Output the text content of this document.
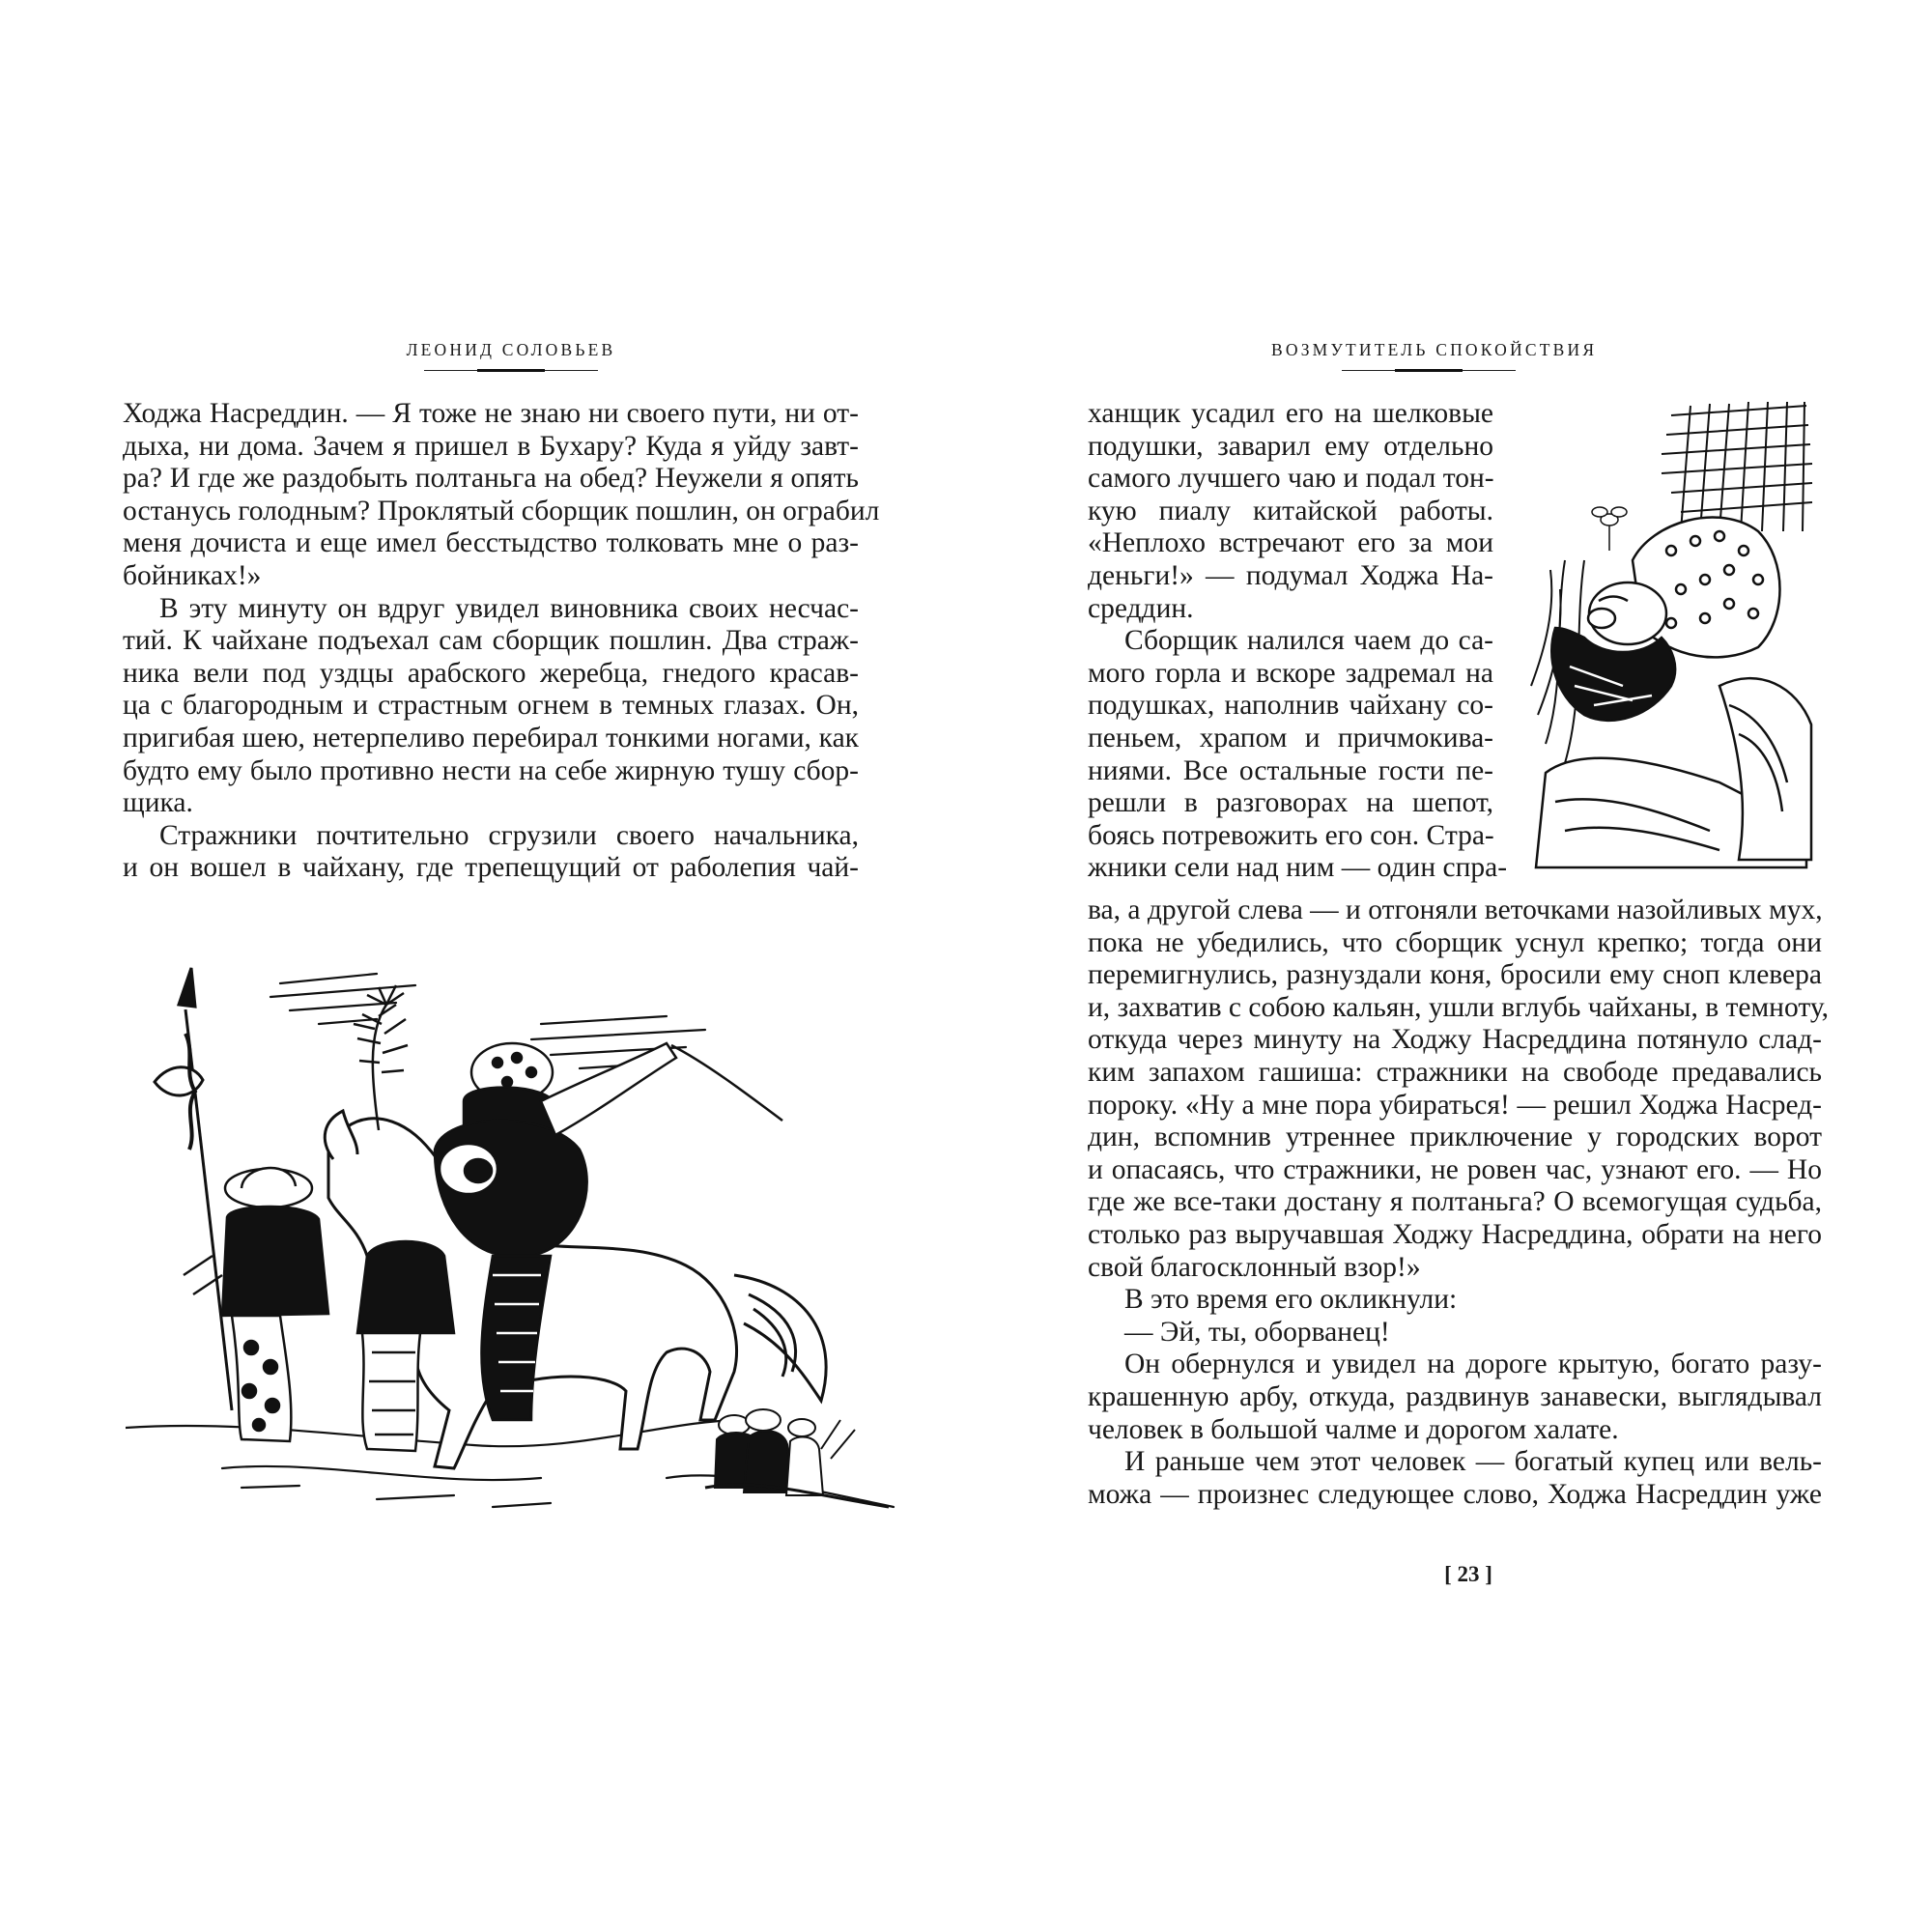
ЛЕОНИД СОЛОВЬЕВ
Ходжа Насреддин. — Я тоже не знаю ни своего пути, ни от-
дыха, ни дома. Зачем я пришел в Бухару? Куда я уйду завт-
ра? И где же раздобыть полтаньга на обед? Неужели я опять
останусь голодным? Проклятый сборщик пошлин, он ограбил
меня дочиста и еще имел бесстыдство толковать мне о раз-
бойниках!»
В эту минуту он вдруг увидел виновника своих несчас-
тий. К чайхане подъехал сам сборщик пошлин. Два страж-
ника вели под уздцы арабского жеребца, гнедого красав-
ца с благородным и страстным огнем в темных глазах. Он,
пригибая шею, нетерпеливо перебирал тонкими ногами, как
будто ему было противно нести на себе жирную тушу сбор-
щика.
Стражники почтительно сгрузили своего начальника,
и он вошел в чайхану, где трепещущий от раболепия чай-
ВОЗМУТИТЕЛЬ СПОКОЙСТВИЯ
ханщик усадил его на шелковые
подушки, заварил ему отдельно
самого лучшего чаю и подал тон-
кую пиалу китайской работы.
«Неплохо встречают его за мои
деньги!» — подумал Ходжа На-
среддин.
Сборщик налился чаем до са-
мого горла и вскоре задремал на
подушках, наполнив чайхану со-
пеньем, храпом и причмокива-
ниями. Все остальные гости пе-
решли в разговорах на шепот,
боясь потревожить его сон. Стра-
жники сели над ним — один спра-
ва, а другой слева — и отгоняли веточками назойливых мух,
пока не убедились, что сборщик уснул крепко; тогда они
перемигнулись, разнуздали коня, бросили ему сноп клевера
и, захватив с собою кальян, ушли вглубь чайханы, в темноту,
откуда через минуту на Ходжу Насреддина потянуло слад-
ким запахом гашиша: стражники на свободе предавались
пороку. «Ну а мне пора убираться! — решил Ходжа Насред-
дин, вспомнив утреннее приключение у городских ворот
и опасаясь, что стражники, не ровен час, узнают его. — Но
где же все-таки достану я полтаньга? О всемогущая судьба,
столько раз выручавшая Ходжу Насреддина, обрати на него
свой благосклонный взор!»
В это время его окликнули:
— Эй, ты, оборванец!
Он обернулся и увидел на дороге крытую, богато разу-
крашенную арбу, откуда, раздвинув занавески, выглядывал
человек в большой чалме и дорогом халате.
И раньше чем этот человек — богатый купец или вель-
можа — произнес следующее слово, Ходжа Насреддин уже
[ 23 ]
